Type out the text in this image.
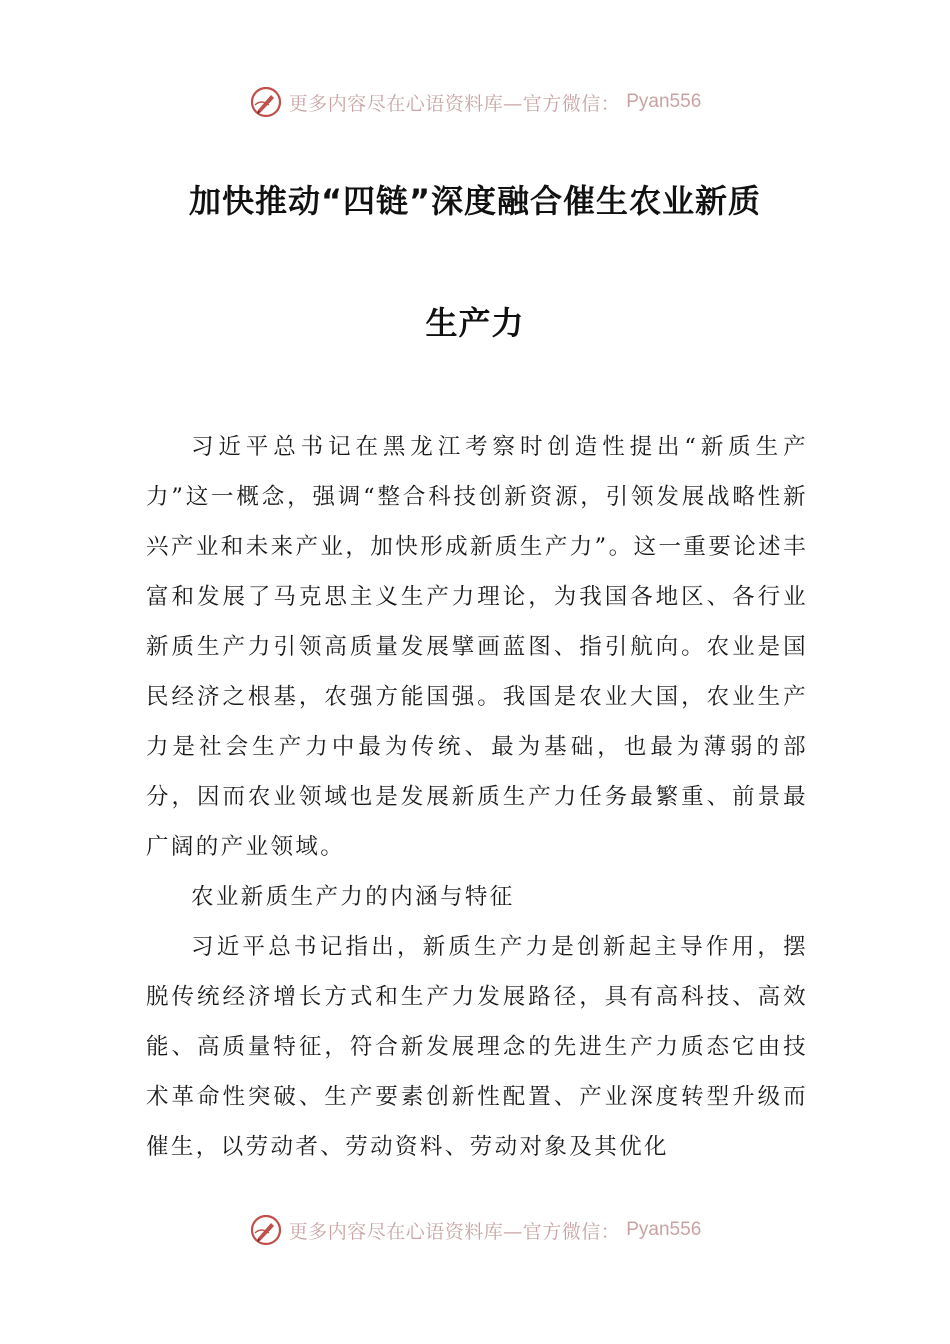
更多内容尽在心语资料库—官方微信： Pyan556
加快推动“四链”深度融合催生农业新质
生产力

习近平总书记在黑龙江考察时创造性提出“新质生产力”这一概念，强调“整合科技创新资源，引领发展战略性新兴产业和未来产业，加快形成新质生产力”。这一重要论述丰富和发展了马克思主义生产力理论，为我国各地区、各行业新质生产力引领高质量发展擘画蓝图、指引航向。农业是国民经济之根基，农强方能国强。我国是农业大国，农业生产力是社会生产力中最为传统、最为基础，也最为薄弱的部分，因而农业领域也是发展新质生产力任务最繁重、前景最广阔的产业领域。

农业新质生产力的内涵与特征

习近平总书记指出，新质生产力是创新起主导作用，摆脱传统经济增长方式和生产力发展路径，具有高科技、高效能、高质量特征，符合新发展理念的先进生产力质态它由技术革命性突破、生产要素创新性配置、产业深度转型升级而催生，以劳动者、劳动资料、劳动对象及其优化

更多内容尽在心语资料库—官方微信： Pyan556
